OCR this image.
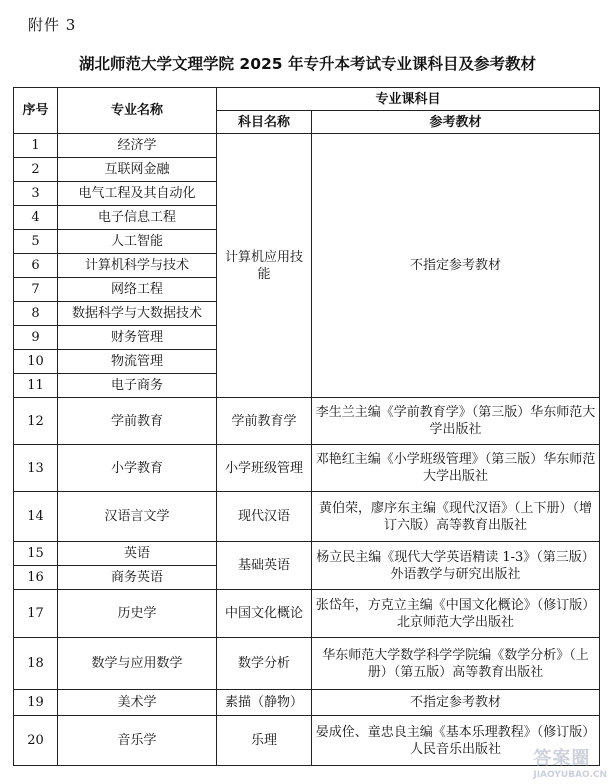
附件 3
湖北师范大学文理学院 2025 年专升本考试专业课科目及参考教材
序号	专业名称	专业课科目	
		科目名称	参考教材
1	经济学	计算机应用技能	不指定参考教材
2	互联网金融		
3	电气工程及其自动化		
4	电子信息工程		
5	人工智能		
6	计算机科学与技术		
7	网络工程		
8	数据科学与大数据技术		
9	财务管理		
10	物流管理		
11	电子商务		
12	学前教育	学前教育学	李生兰主编《学前教育学》（第三版）华东师范大学出版社
13	小学教育	小学班级管理	邓艳红主编《小学班级管理》（第三版）华东师范大学出版社
14	汉语言文学	现代汉语	黄伯荣，廖序东主编《现代汉语》（上下册）（增订六版）高等教育出版社
15	英语	基础英语	杨立民主编《现代大学英语精读 1-3》（第三版）外语教学与研究出版社
16	商务英语		
17	历史学	中国文化概论	张岱年，方克立主编《中国文化概论》（修订版）北京师范大学出版社
18	数学与应用数学	数学分析	华东师范大学数学科学学院编《数学分析》（上册）（第五版）高等教育出版社
19	美术学	素描（静物）	不指定参考教材
20	音乐学	乐理	晏成佺、童忠良主编《基本乐理教程》（修订版）人民音乐出版社 答案圈
JIAOYUBAO.CN
